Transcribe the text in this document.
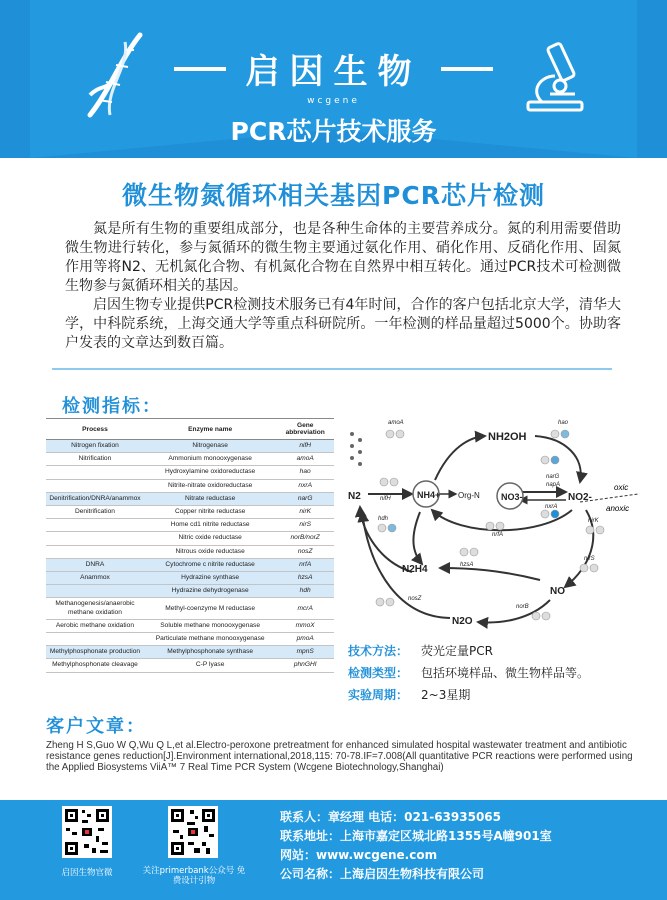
启因生物
wcgene
PCR芯片技术服务
微生物氮循环相关基因PCR芯片检测

氮是所有生物的重要组成部分，也是各种生命体的主要营养成分。氮的利用需要借助微生物进行转化，参与氮循环的微生物主要通过氨化作用、硝化作用、反硝化作用、固氮作用等将N2、无机氮化合物、有机氮化合物在自然界中相互转化。通过PCR技术可检测微生物参与氮循环相关的基因。

启因生物专业提供PCR检测技术服务已有4年时间，合作的客户包括北京大学，清华大学，中科院系统，上海交通大学等重点科研院所。一年检测的样品量超过5000个。协助客户发表的文章达到数百篇。

检测指标：
Process	Enzyme name	Gene abbreviation
Nitrogen fixation	Nitrogenase	nifH
Nitrification	Ammonium monooxygenase	amoA
	Hydroxylamine oxidoreductase	hao
	Nitrite-nitrate oxidoreductase	nxrA
Denitrification/DNRA/anammox	Nitrate reductase	narG
Denitrification	Copper nitrite reductase	nirK
	Home cd1 nitrite reductase	nirS
	Nitric oxide reductase	norB/norZ
	Nitrous oxide reductase	nosZ
DNRA	Cytochrome c nitrite reductase	nrfA
Anammox	Hydrazine synthase	hzsA
	Hydrazine dehydrogenase	hdh
Methanogenesis/anaerobic methane oxidation	Methyl-coenzyme M reductase	mcrA
Aerobic methane oxidation	Soluble methane monooxygenase	mmoX
	Particulate methane monooxygenase	pmoA
Methylphosphonate production	Methylphosphonate synthase	mpnS
Methylphosphonate cleavage	C-P lyase	phnGHI
oxic
anoxic
NH2OH
N2	NH4+ Org-N NO3-	NO2-
N2H4
NO
N2O
amoA	hao
nifH
narG
napA
nxrA
hdh
nrfA
nirK
nirS
hzsA
nosZ
norB
技术方法： 荧光定量PCR
检测类型： 包括环境样品、微生物样品等。
实验周期： 2~3星期
客户文章：
Zheng H S,Guo W Q,Wu Q L,et al.Electro-peroxone pretreatment for enhanced simulated hospital wastewater treatment and antibiotic resistance genes reduction[J].Environment international,2018,115: 70-78.IF=7.008(All quantitative PCR reactions were performed using the Applied Biosystems ViiA™ 7 Real Time PCR System (Wcgene Biotechnology,Shanghai)
启因生物官微	关注primerbank公众号 免费设计引物
联系人：章经理 电话：021-63935065
联系地址：上海市嘉定区城北路1355号A幢901室
网站：www.wcgene.com
公司名称：上海启因生物科技有限公司
